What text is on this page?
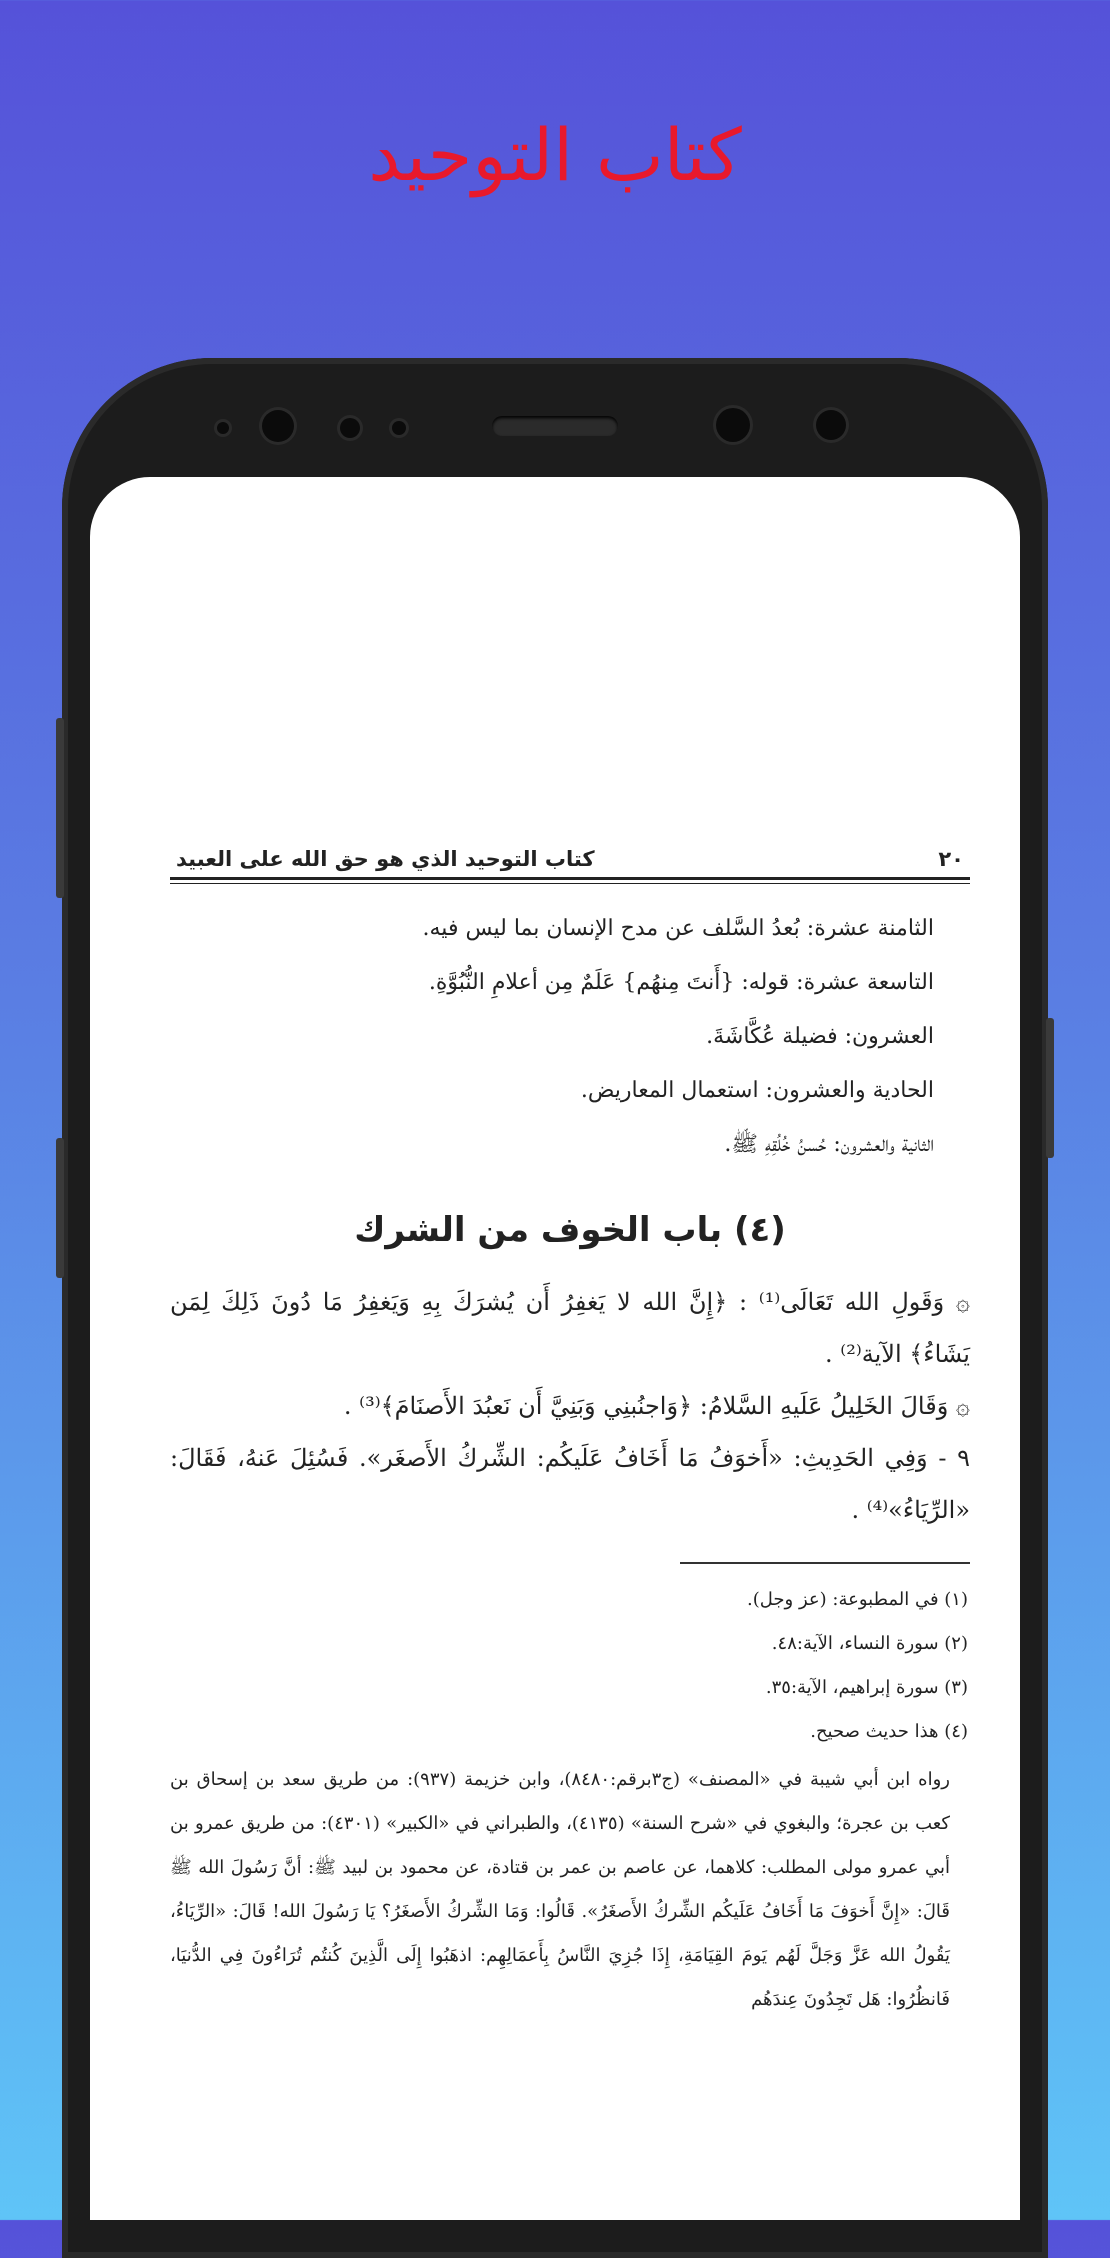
كتاب التوحيد
٢٠
كتاب التوحيد الذي هو حق الله على العبيد
الثامنة عشرة: بُعدُ السَّلف عن مدح الإنسان بما ليس فيه.
التاسعة عشرة: قوله: {أَنتَ مِنهُم} عَلَمٌ مِن أعلامِ النُّبُوَّةِ.
العشرون: فضيلة عُكَّاشَةَ.
الحادية والعشرون: استعمال المعاريض.
الثانية والعشرون: حُسنُ خُلُقِهِ ﷺ.
(٤) باب الخوف من الشرك
۞ وَقَولِ الله تَعَالَى⁽¹⁾ : ﴿إِنَّ الله لا يَغفِرُ أَن يُشرَكَ بِهِ وَيَغفِرُ مَا دُونَ ذَلِكَ لِمَن يَشَاءُ﴾ الآية⁽²⁾ .
۞ وَقَالَ الخَلِيلُ عَلَيهِ السَّلامُ: ﴿وَاجنُبنِي وَبَنِيَّ أَن نَعبُدَ الأَصنَامَ﴾⁽³⁾ .
٩ - وَفِي الحَدِيثِ: «أَخوَفُ مَا أَخَافُ عَلَيكُم: الشِّركُ الأَصغَر». فَسُئِلَ عَنهُ، فَقَالَ: «الرِّيَاءُ»⁽⁴⁾ .
(١) في المطبوعة: (عز وجل).
(٢) سورة النساء، الآية:٤٨.
(٣) سورة إبراهيم، الآية:٣٥.
(٤) هذا حديث صحيح.
رواه ابن أبي شيبة في «المصنف» (ج٣برقم:٨٤٨٠)، وابن خزيمة (٩٣٧): من طريق سعد بن إسحاق بن كعب بن عجرة؛ والبغوي في «شرح السنة» (٤١٣٥)، والطبراني في «الكبير» (٤٣٠١): من طريق عمرو بن أبي عمرو مولى المطلب: كلاهما، عن عاصم بن عمر بن قتادة، عن محمود بن لبيد ﷺ: أنَّ رَسُولَ الله ﷺ قَالَ: «إِنَّ أَخوَفَ مَا أَخَافُ عَلَيكُم الشِّركُ الأَصغَرُ». قَالُوا: وَمَا الشِّركُ الأَصغَرُ؟ يَا رَسُولَ الله! قَالَ: «الرِّيَاءُ، يَقُولُ الله عَزَّ وَجَلَّ لَهُم يَومَ القِيَامَةِ، إِذَا جُزِيَ النَّاسُ بِأَعمَالِهِم: اذهَبُوا إِلَى الَّذِينَ كُنتُم تُرَاءُونَ فِي الدُّنيَا، فَانظُرُوا: هَل تَجِدُونَ عِندَهُم
